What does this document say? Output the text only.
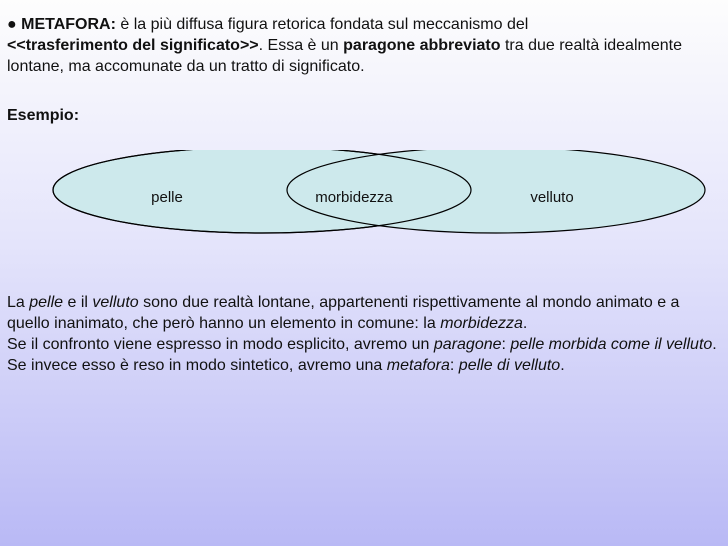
● METAFORA: è la più diffusa figura retorica fondata sul meccanismo del
<<trasferimento del significato>>. Essa è un paragone abbreviato tra due realtà idealmente lontane, ma accomunate da un tratto di significato.
Esempio:
pelle	morbidezza	velluto
La pelle e il velluto sono due realtà lontane, appartenenti rispettivamente al mondo animato e a quello inanimato, che però hanno un elemento in comune: la morbidezza.
Se il confronto viene espresso in modo esplicito, avremo un paragone: pelle morbida come il velluto. Se invece esso è reso in modo sintetico, avremo una metafora: pelle di velluto.
